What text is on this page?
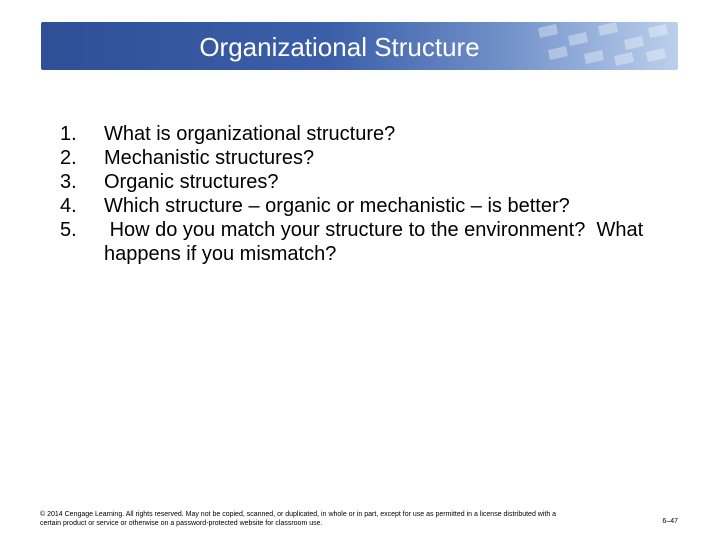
Organizational Structure
1.	What is organizational structure?
2.	Mechanistic structures?
3.	Organic structures?
4.	Which structure – organic or mechanistic – is better?
5.	How do you match your structure to the environment?  What happens if you mismatch?
© 2014 Cengage Learning. All rights reserved. May not be copied, scanned, or duplicated, in whole or in part, except for use as permitted in a license distributed with a certain product or service or otherwise on a password-protected website for classroom use.	6–47
